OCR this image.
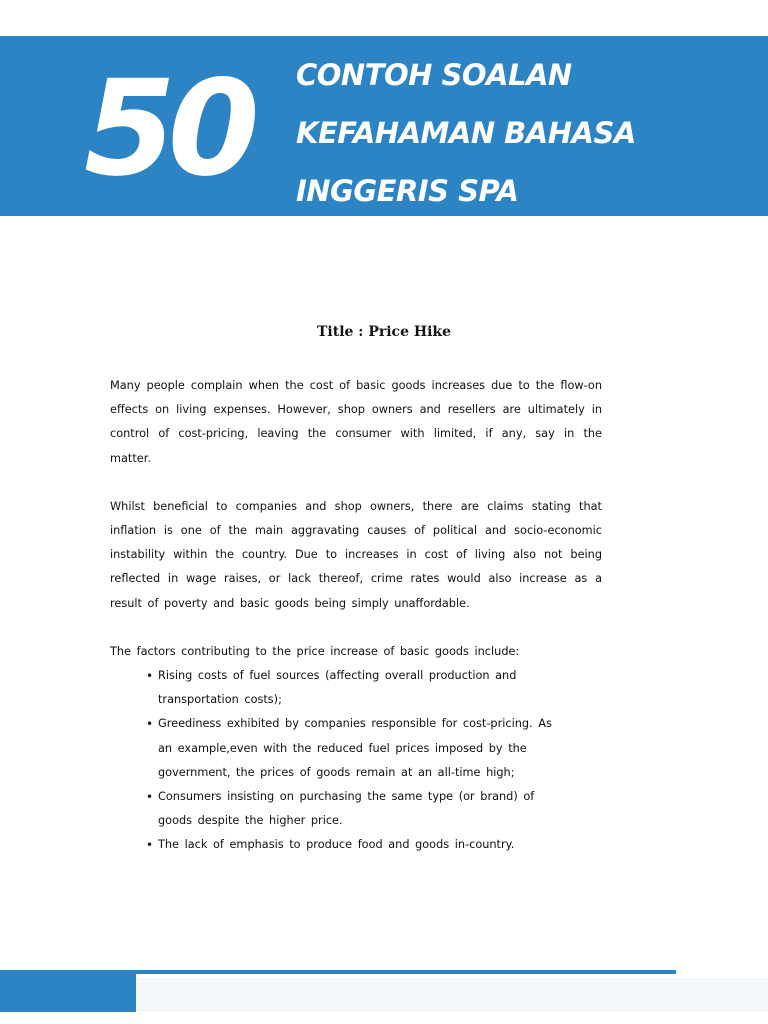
50	CONTOH SOALAN
KEFAHAMAN BAHASA
INGGERIS SPA
Title : Price Hike

Many people complain when the cost of basic goods increases due to the flow-on effects on living expenses. However, shop owners and resellers are ultimately in control of cost-pricing, leaving the consumer with limited, if any, say in the matter.

Whilst beneficial to companies and shop owners, there are claims stating that inflation is one of the main aggravating causes of political and socio-economic instability within the country. Due to increases in cost of living also not being reflected in wage raises, or lack thereof, crime rates would also increase as a result of poverty and basic goods being simply unaffordable.

The factors contributing to the price increase of basic goods include:

• Rising costs of fuel sources (affecting overall production and transportation costs);
• Greediness exhibited by companies responsible for cost-pricing. As an example,even with the reduced fuel prices imposed by the government, the prices of goods remain at an all-time high;
• Consumers insisting on purchasing the same type (or brand) of goods despite the higher price.
• The lack of emphasis to produce food and goods in-country.
